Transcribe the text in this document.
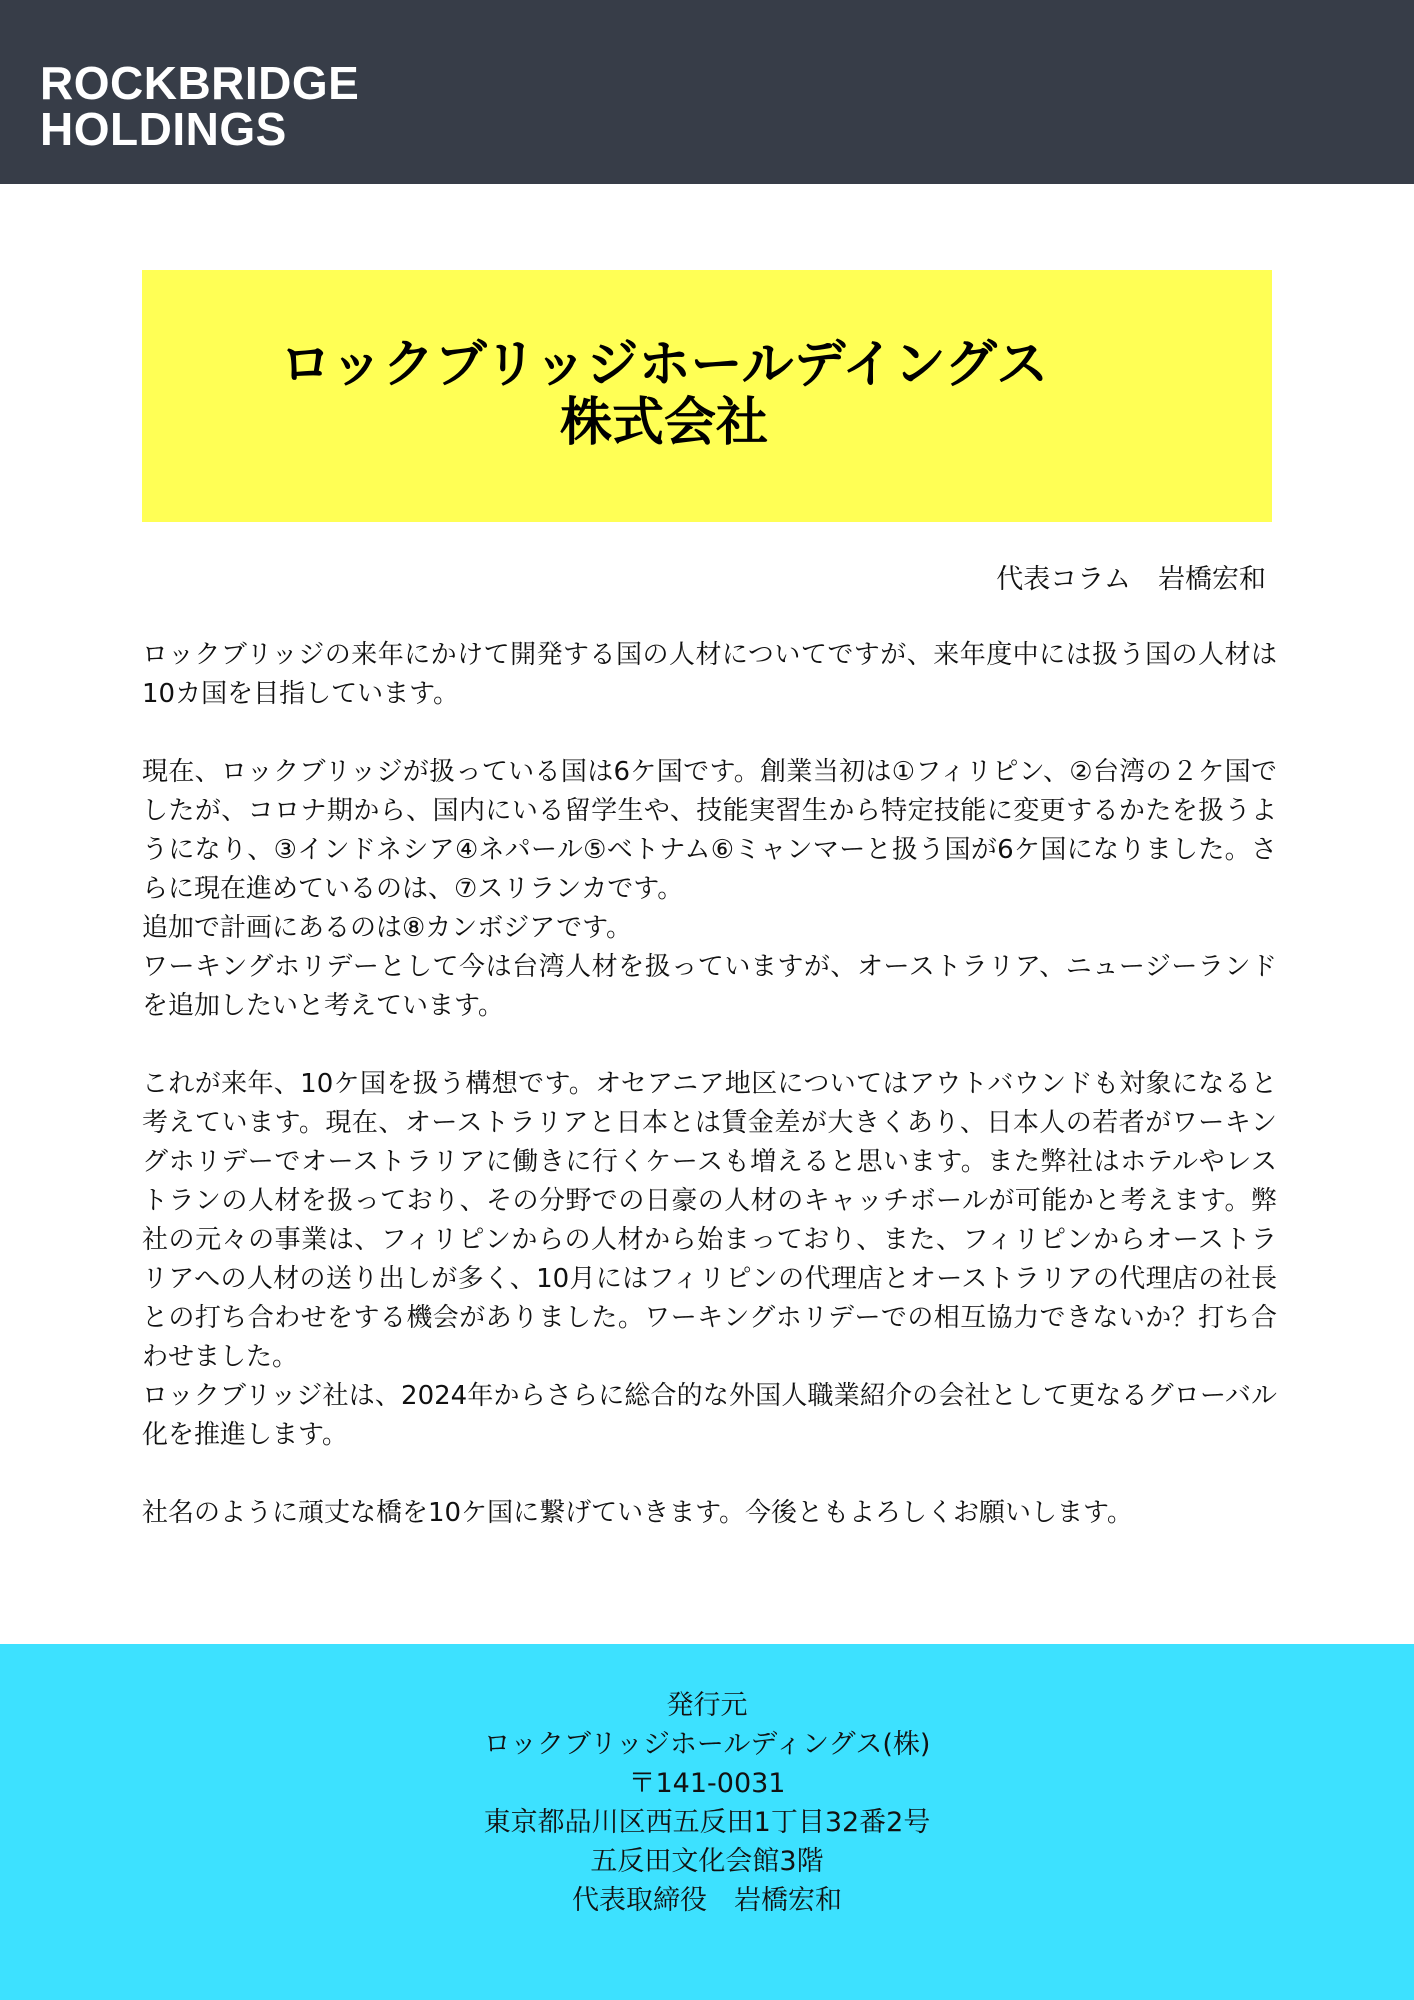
ROCKBRIDGE
HOLDINGS
ロックブリッジホールデイングス
株式会社
代表コラム　岩橋宏和

ロックブリッジの来年にかけて開発する国の人材についてですが、来年度中には扱う国の人材は10カ国を目指しています。

現在、ロックブリッジが扱っている国は6ケ国です。創業当初は①フィリピン、②台湾の２ケ国でしたが、コロナ期から、国内にいる留学生や、技能実習生から特定技能に変更するかたを扱うようになり、③インドネシア④ネパール⑤ベトナム⑥ミャンマーと扱う国が6ケ国になりました。さらに現在進めているのは、⑦スリランカです。
追加で計画にあるのは⑧カンボジアです。
ワーキングホリデーとして今は台湾人材を扱っていますが、オーストラリア、ニュージーランドを追加したいと考えています。

これが来年、10ケ国を扱う構想です。オセアニア地区についてはアウトバウンドも対象になると考えています。現在、オーストラリアと日本とは賃金差が大きくあり、日本人の若者がワーキングホリデーでオーストラリアに働きに行くケースも増えると思います。また弊社はホテルやレストランの人材を扱っており、その分野での日豪の人材のキャッチボールが可能かと考えます。弊社の元々の事業は、フィリピンからの人材から始まっており、また、フィリピンからオーストラリアへの人材の送り出しが多く、10月にはフィリピンの代理店とオーストラリアの代理店の社長との打ち合わせをする機会がありました。ワーキングホリデーでの相互協力できないか？打ち合わせました。
ロックブリッジ社は、2024年からさらに総合的な外国人職業紹介の会社として更なるグローバル化を推進します。

社名のように頑丈な橋を10ケ国に繋げていきます。今後ともよろしくお願いします。

発行元
ロックブリッジホールディングス(株)
〒141-0031
東京都品川区西五反田1丁目32番2号
五反田文化会館3階
代表取締役　岩橋宏和
